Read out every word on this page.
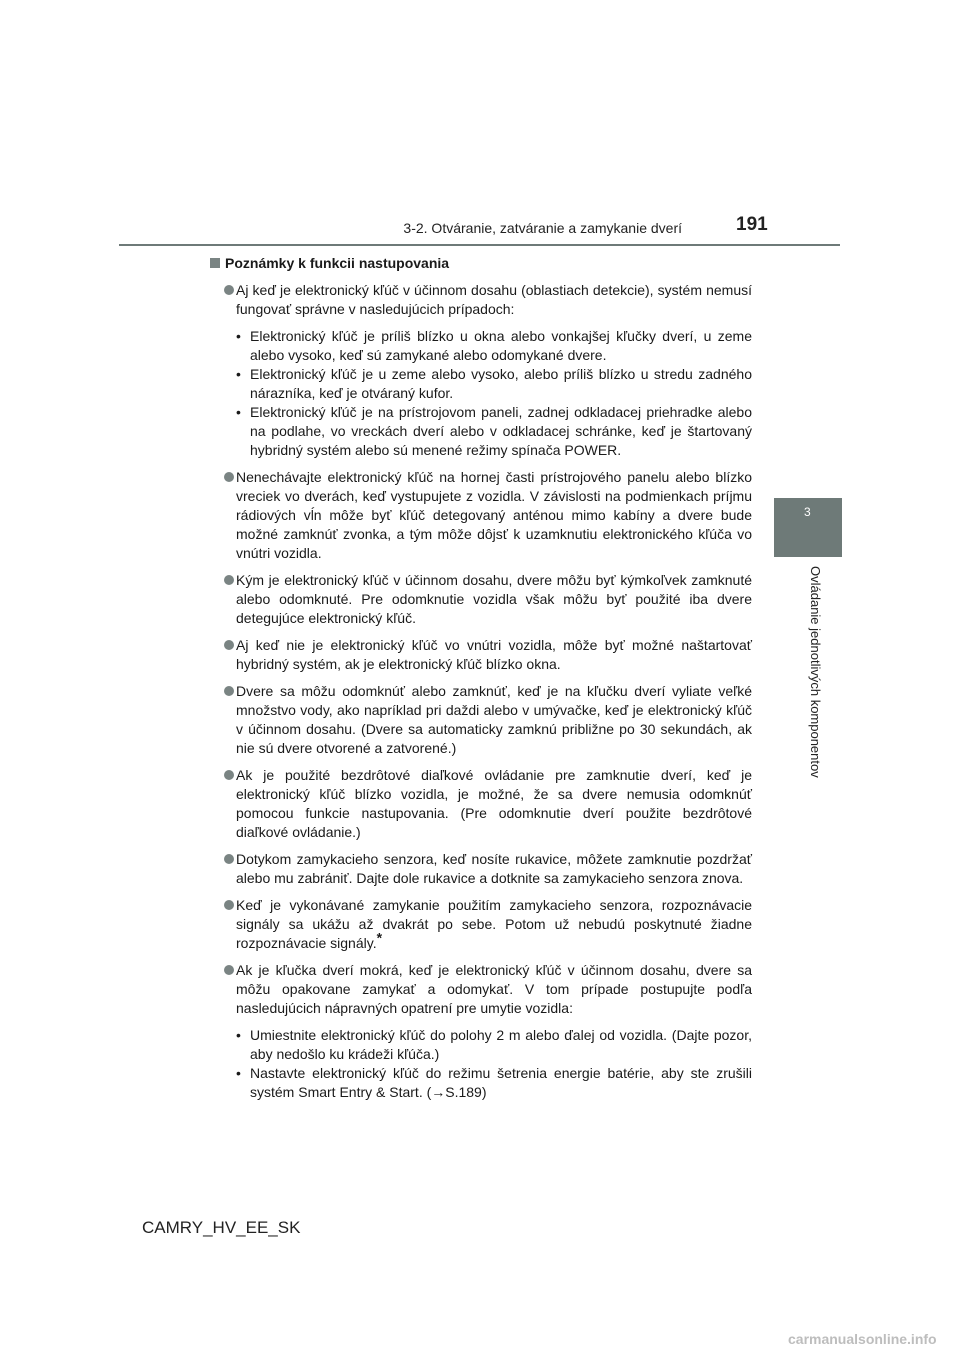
3-2. Otváranie, zatváranie a zamykanie dverí	191
3
Ovládanie jednotlivých komponentov
Poznámky k funkcii nastupovania
Aj keď je elektronický kľúč v účinnom dosahu (oblastiach detekcie), systém nemusí fungovať správne v nasledujúcich prípadoch:
• Elektronický kľúč je príliš blízko u okna alebo vonkajšej kľučky dverí, u zeme alebo vysoko, keď sú zamykané alebo odomykané dvere.
• Elektronický kľúč je u zeme alebo vysoko, alebo príliš blízko u stredu zadného nárazníka, keď je otváraný kufor.
• Elektronický kľúč je na prístrojovom paneli, zadnej odkladacej priehradke alebo na podlahe, vo vreckách dverí alebo v odkladacej schránke, keď je štartovaný hybridný systém alebo sú menené režimy spínača POWER.
Nenechávajte elektronický kľúč na hornej časti prístrojového panelu alebo blízko vreciek vo dverách, keď vystupujete z vozidla. V závislosti na podmienkach príjmu rádiových vĺn môže byť kľúč detegovaný anténou mimo kabíny a dvere bude možné zamknúť zvonka, a tým môže dôjsť k uzamknutiu elektronického kľúča vo vnútri vozidla.
Kým je elektronický kľúč v účinnom dosahu, dvere môžu byť kýmkoľvek zamknuté alebo odomknuté. Pre odomknutie vozidla však môžu byť použité iba dvere detegujúce elektronický kľúč.
Aj keď nie je elektronický kľúč vo vnútri vozidla, môže byť možné naštartovať hybridný systém, ak je elektronický kľúč blízko okna.
Dvere sa môžu odomknúť alebo zamknúť, keď je na kľučku dverí vyliate veľké množstvo vody, ako napríklad pri daždi alebo v umývačke, keď je elektronický kľúč v účinnom dosahu. (Dvere sa automaticky zamknú približne po 30 sekundách, ak nie sú dvere otvorené a zatvorené.)
Ak je použité bezdrôtové diaľkové ovládanie pre zamknutie dverí, keď je elektronický kľúč blízko vozidla, je možné, že sa dvere nemusia odomknúť pomocou funkcie nastupovania. (Pre odomknutie dverí použite bezdrôtové diaľkové ovládanie.)
Dotykom zamykacieho senzora, keď nosíte rukavice, môžete zamknutie pozdržať alebo mu zabrániť. Dajte dole rukavice a dotknite sa zamykacieho senzora znova.
Keď je vykonávané zamykanie použitím zamykacieho senzora, rozpoznávacie signály sa ukážu až dvakrát po sebe. Potom už nebudú poskytnuté žiadne rozpoznávacie signály.*
Ak je kľučka dverí mokrá, keď je elektronický kľúč v účinnom dosahu, dvere sa môžu opakovane zamykať a odomykať. V tom prípade postupujte podľa nasledujúcich nápravných opatrení pre umytie vozidla:
• Umiestnite elektronický kľúč do polohy 2 m alebo ďalej od vozidla. (Dajte pozor, aby nedošlo ku krádeži kľúča.)
• Nastavte elektronický kľúč do režimu šetrenia energie batérie, aby ste zrušili systém Smart Entry & Start. (→S.189)
CAMRY_HV_EE_SK
carmanualsonline.info
